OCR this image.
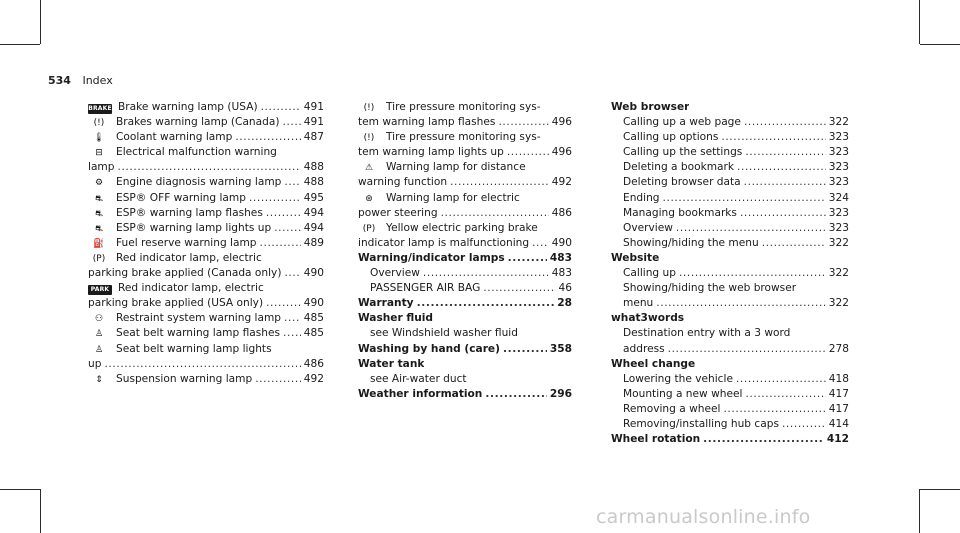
534 Index
BRAKE Brake warning lamp (USA) .....	491
(!)	Brakes warning lamp (Canada) ..... 491
🌡	Coolant warning lamp .....	487
⊟	Electrical malfunction warning
lamp .....	488
⚙	Engine diagnosis warning lamp ..... 488
⛐	ESP® OFF warning lamp .....	495
⛐	ESP® warning lamp flashes .....	494
⛐	ESP® warning lamp lights up .....	494
⛽	Fuel reserve warning lamp .....	489
(P)	Red indicator lamp, electric
parking brake applied (Canada only) ..... 490
PARK Red indicator lamp, electric
parking brake applied (USA only) .....	490
⚇	Restraint system warning lamp ..... 485
♙	Seat belt warning lamp flashes ..... 485
♙	Seat belt warning lamp lights
up .....	486
⇕	Suspension warning lamp .....	492
(!)	Tire pressure monitoring sys-
tem warning lamp flashes .....	496
(!)	Tire pressure monitoring sys-
tem warning lamp lights up .....	496
⚠	Warning lamp for distance
warning function .....	492
⊛	Warning lamp for electric
power steering .....	486
(P)	Yellow electric parking brake
indicator lamp is malfunctioning ..... 490
Warning/indicator lamps .....	483
Overview .....	483
PASSENGER AIR BAG .....	46
Warranty .....	28
Washer fluid
see Windshield washer fluid
Washing by hand (care) .....	358
Water tank
see Air-water duct
Weather information .....	296
Web browser
Calling up a web page .....	322
Calling up options .....	323
Calling up the settings .....	323
Deleting a bookmark .....	323
Deleting browser data .....	323
Ending .....	324
Managing bookmarks .....	323
Overview .....	323
Showing/hiding the menu .....	322
Website
Calling up .....	322
Showing/hiding the web browser
menu .....	322
what3words
Destination entry with a 3 word
address .....	278
Wheel change
Lowering the vehicle .....	418
Mounting a new wheel .....	417
Removing a wheel .....	417
Removing/installing hub caps .....	414
Wheel rotation .....	412
carmanualsonline.info
